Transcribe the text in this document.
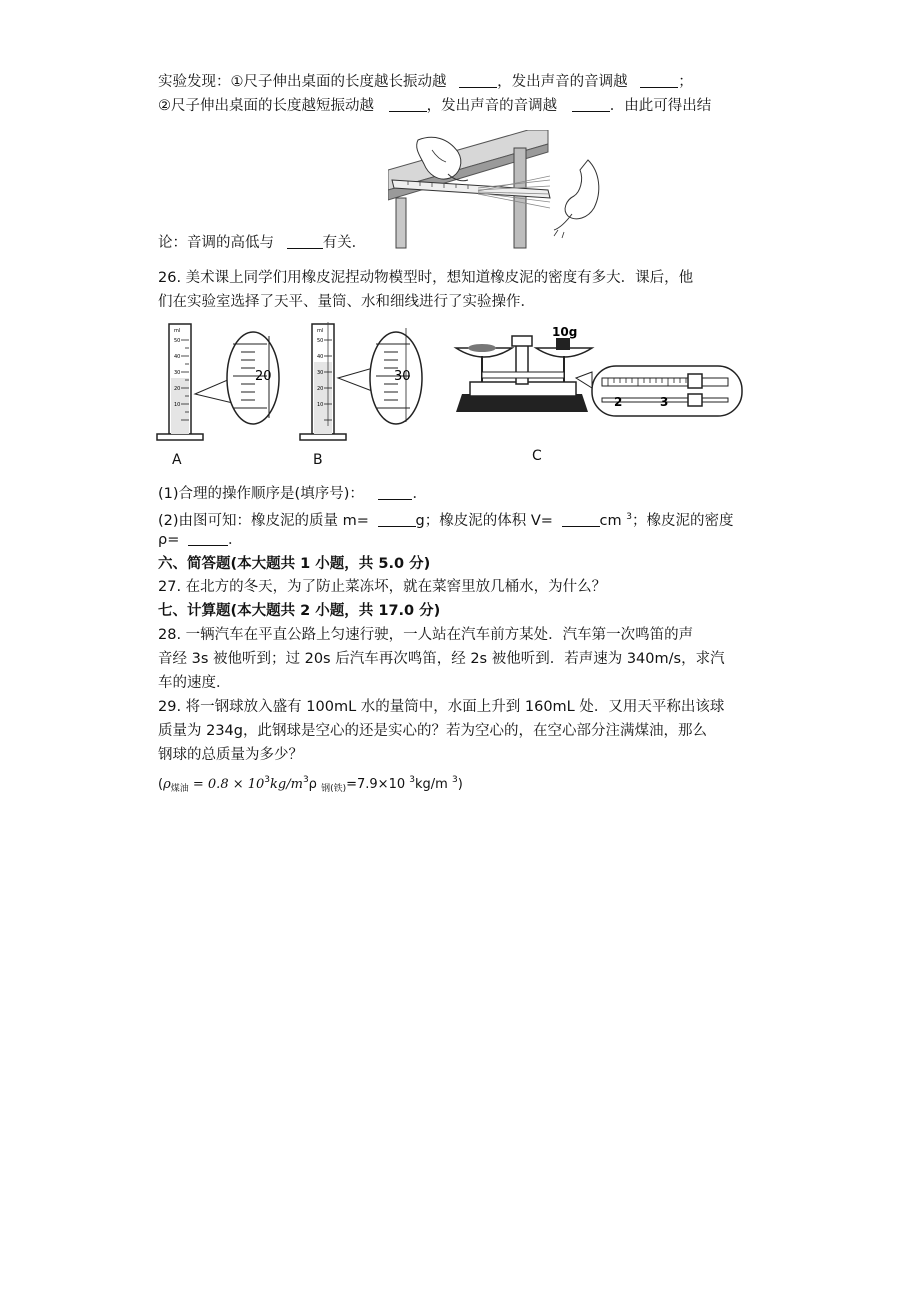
实验发现：①尺子伸出桌面的长度越长振动越	，发出声音的音调越	；
②尺子伸出桌面的长度越短振动越	，发出声音的音调越	．由此可得出结
论：音调的高低与	有关．
26. 美术课上同学们用橡皮泥捏动物模型时，想知道橡皮泥的密度有多大．课后，他
们在实验室选择了天平、量筒、水和细线进行了实验操作．
ml
50
40
30
20
10
20
ml
50
40
30
20
10
30
10g
2	3
A	B	C
(1)合理的操作顺序是(填序号)：	．
(2)由图可知：橡皮泥的质量 m=	g；橡皮泥的体积 V=	cm $^3$；橡皮泥的密度
ρ=	．
六、简答题(本大题共 1 小题，共 5.0 分)
27. 在北方的冬天，为了防止菜冻坏，就在菜窖里放几桶水，为什么？
七、计算题(本大题共 2 小题，共 17.0 分)
28. 一辆汽车在平直公路上匀速行驶，一人站在汽车前方某处．汽车第一次鸣笛的声
音经 3s 被他听到；过 20s 后汽车再次鸣笛，经 2s 被他听到．若声速为 340m/s，求汽
车的速度．
29. 将一钢球放入盛有 100mL 水的量筒中，水面上升到 160mL 处．又用天平称出该球
质量为 234g，此钢球是空心的还是实心的？若为空心的，在空心部分注满煤油，那么
钢球的总质量为多少？
($\rho_{煤油} = 0.8 \times 10^3kg/m^3\rho$ $_{钢(铁)}$=7.9×10 $^3$kg/m $^3$)
